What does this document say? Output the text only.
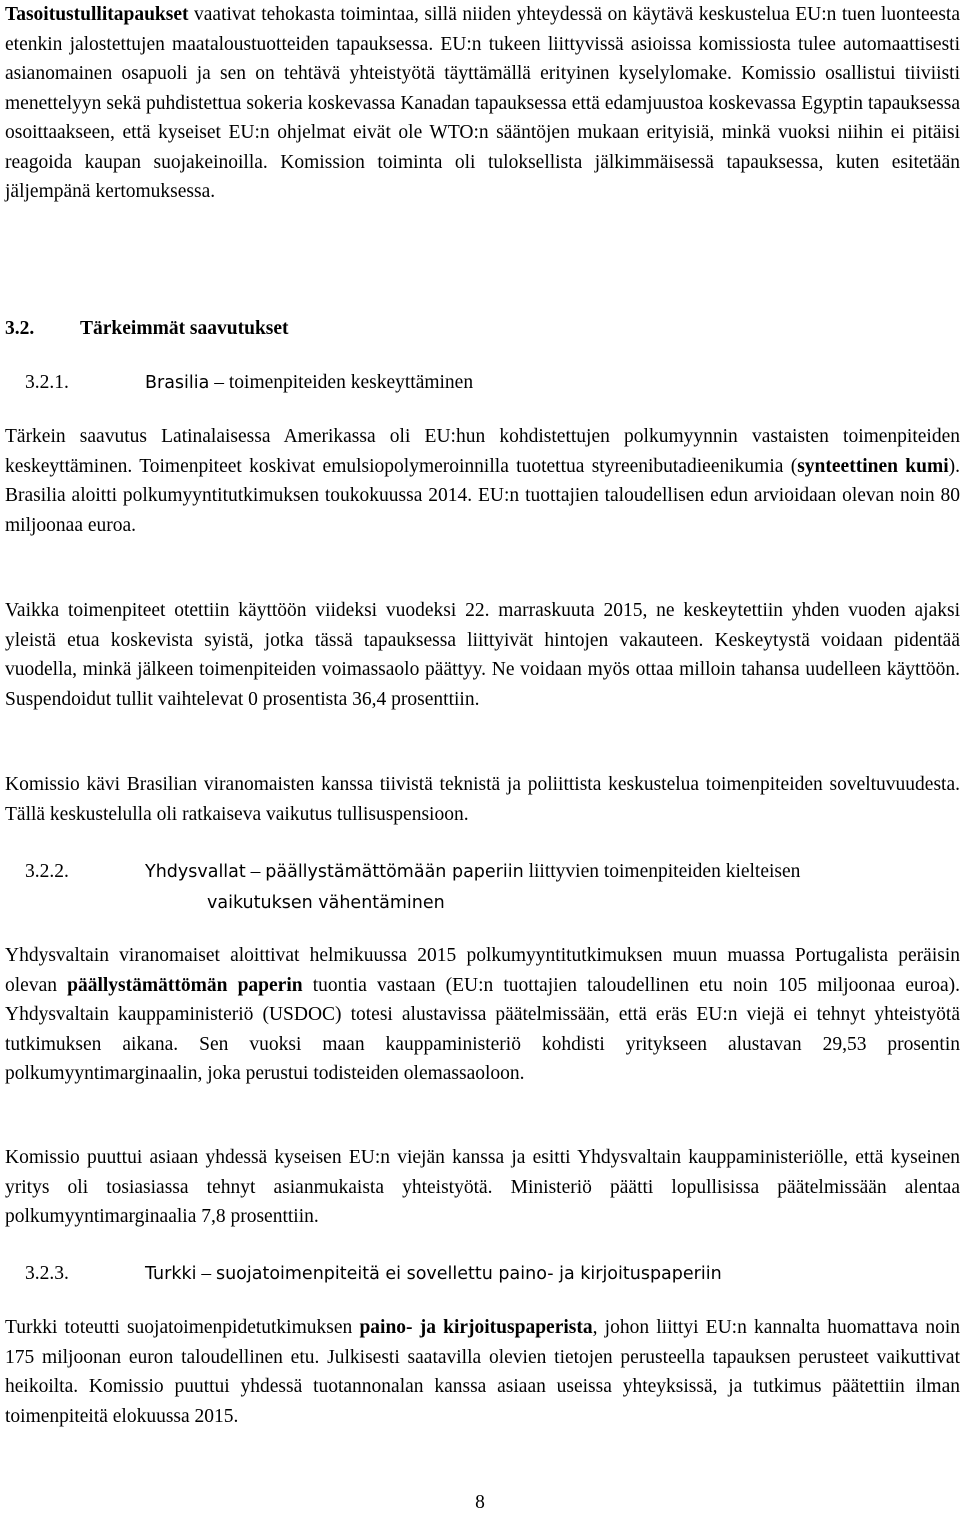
Tasoitustullitapaukset vaativat tehokasta toimintaa, sillä niiden yhteydessä on käytävä keskustelua EU:n tuen luonteesta etenkin jalostettujen maataloustuotteiden tapauksessa. EU:n tukeen liittyvissä asioissa komissiosta tulee automaattisesti asianomainen osapuoli ja sen on tehtävä yhteistyötä täyttämällä erityinen kyselylomake. Komissio osallistui tiiviisti menettelyyn sekä puhdistettua sokeria koskevassa Kanadan tapauksessa että edamjuustoa koskevassa Egyptin tapauksessa osoittaakseen, että kyseiset EU:n ohjelmat eivät ole WTO:n sääntöjen mukaan erityisiä, minkä vuoksi niihin ei pitäisi reagoida kaupan suojakeinoilla. Komission toiminta oli tuloksellista jälkimmäisessä tapauksessa, kuten esitetään jäljempänä kertomuksessa.

3.2.	Tärkeimmät saavutukset
3.2.1.	Brasilia – toimenpiteiden keskeyttäminen

Tärkein saavutus Latinalaisessa Amerikassa oli EU:hun kohdistettujen polkumyynnin vastaisten toimenpiteiden keskeyttäminen. Toimenpiteet koskivat emulsiopolymeroinnilla tuotettua styreenibutadieenikumia (synteettinen kumi). Brasilia aloitti polkumyyntitutkimuksen toukokuussa 2014. EU:n tuottajien taloudellisen edun arvioidaan olevan noin 80 miljoonaa euroa.

Vaikka toimenpiteet otettiin käyttöön viideksi vuodeksi 22. marraskuuta 2015, ne keskeytettiin yhden vuoden ajaksi yleistä etua koskevista syistä, jotka tässä tapauksessa liittyivät hintojen vakauteen. Keskeytystä voidaan pidentää vuodella, minkä jälkeen toimenpiteiden voimassaolo päättyy. Ne voidaan myös ottaa milloin tahansa uudelleen käyttöön. Suspendoidut tullit vaihtelevat 0 prosentista 36,4 prosenttiin.

Komissio kävi Brasilian viranomaisten kanssa tiivistä teknistä ja poliittista keskustelua toimenpiteiden soveltuvuudesta. Tällä keskustelulla oli ratkaiseva vaikutus tullisuspensioon.

3.2.2.	Yhdysvallat – päällystämättömään paperiin liittyvien toimenpiteiden kielteisen
vaikutuksen vähentäminen

Yhdysvaltain viranomaiset aloittivat helmikuussa 2015 polkumyyntitutkimuksen muun muassa Portugalista peräisin olevan päällystämättömän paperin tuontia vastaan (EU:n tuottajien taloudellinen etu noin 105 miljoonaa euroa). Yhdysvaltain kauppaministeriö (USDOC) totesi alustavissa päätelmissään, että eräs EU:n viejä ei tehnyt yhteistyötä tutkimuksen aikana. Sen vuoksi maan kauppaministeriö kohdisti yritykseen alustavan 29,53 prosentin polkumyyntimarginaalin, joka perustui todisteiden olemassaoloon.

Komissio puuttui asiaan yhdessä kyseisen EU:n viejän kanssa ja esitti Yhdysvaltain kauppaministeriölle, että kyseinen yritys oli tosiasiassa tehnyt asianmukaista yhteistyötä. Ministeriö päätti lopullisissa päätelmissään alentaa polkumyyntimarginaalia 7,8 prosenttiin.

3.2.3.	Turkki – suojatoimenpiteitä ei sovellettu paino- ja kirjoituspaperiin

Turkki toteutti suojatoimenpidetutkimuksen paino- ja kirjoituspaperista, johon liittyi EU:n kannalta huomattava noin 175 miljoonan euron taloudellinen etu. Julkisesti saatavilla olevien tietojen perusteella tapauksen perusteet vaikuttivat heikoilta. Komissio puuttui yhdessä tuotannonalan kanssa asiaan useissa yhteyksissä, ja tutkimus päätettiin ilman toimenpiteitä elokuussa 2015.

8
